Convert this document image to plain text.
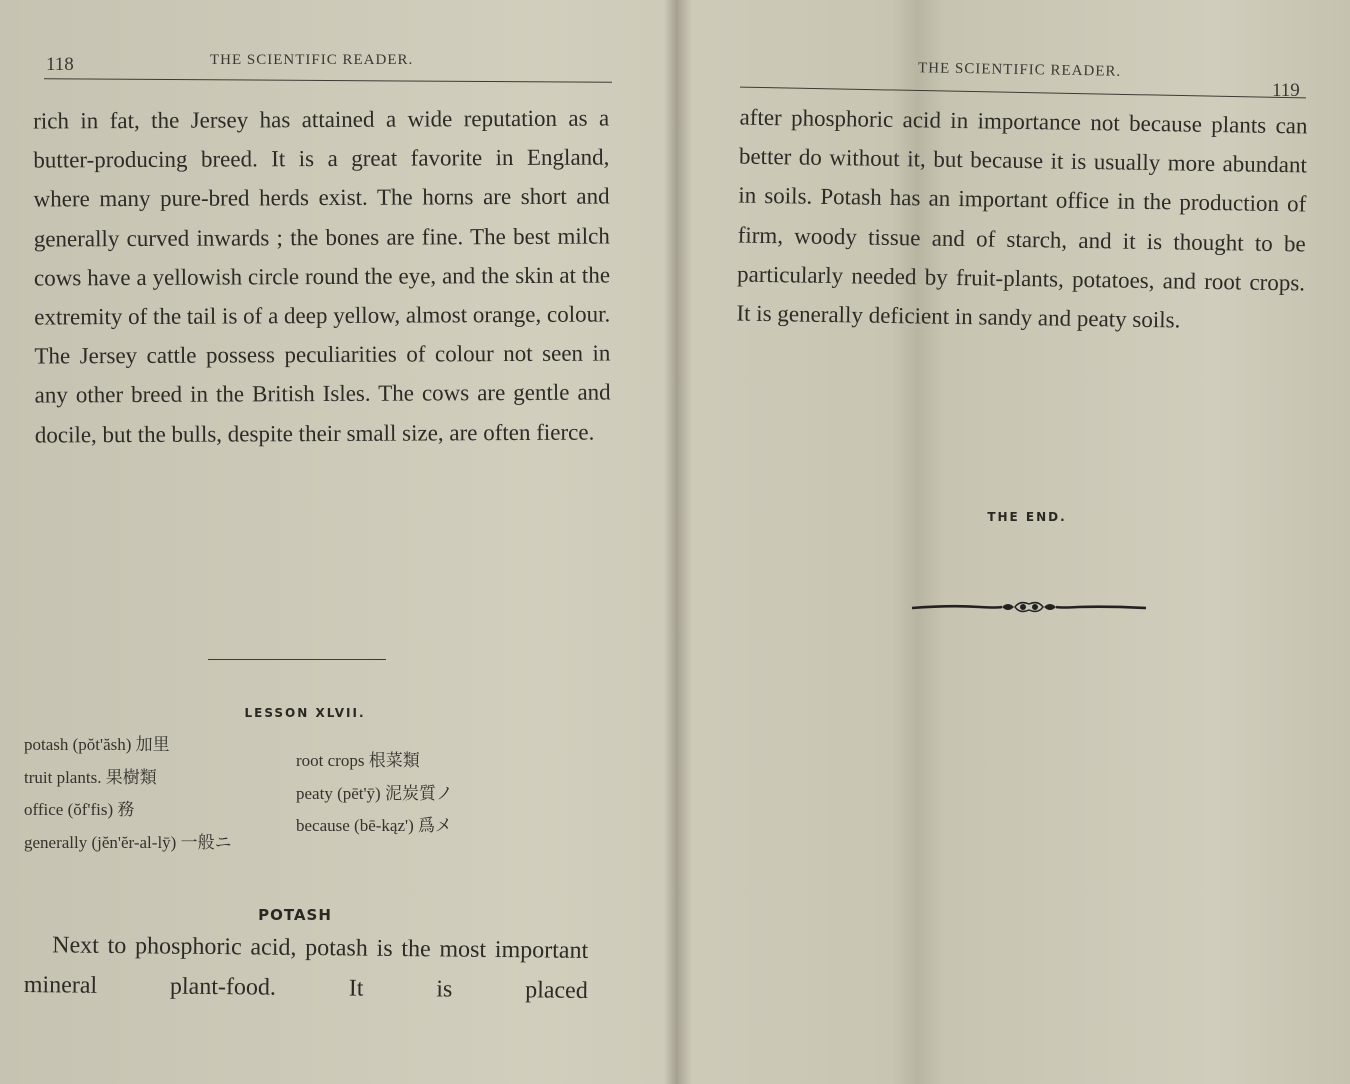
118	THE SCIENTIFIC READER.

rich in fat, the Jersey has attained a wide reputation as a butter-producing breed. It is a great favorite in England, where many pure-bred herds exist. The horns are short and generally curved inwards ; the bones are fine. The best milch cows have a yellowish circle round the eye, and the skin at the extremity of the tail is of a deep yellow, almost orange, colour. The Jersey cattle possess peculiarities of colour not seen in any other breed in the British Isles. The cows are gentle and docile, but the bulls, despite their small size, are often fierce.

LESSON XLVII.
potash (pŏt'ăsh) 加里
truit plants. 果樹類
office (ŏf'fis) 務
generally (jĕn'ĕr-al-lȳ) 一般ニ
root crops 根菜類
peaty (pēt'ȳ) 泥炭質ノ
because (bē-kąz') 爲メ
POTASH

Next to phosphoric acid, potash is the most important mineral plant-food. It is placed

THE SCIENTIFIC READER.
119

after phosphoric acid in importance not because plants can better do without it, but because it is usually more abundant in soils. Potash has an important office in the production of firm, woody tissue and of starch, and it is thought to be particularly needed by fruit-plants, potatoes, and root crops. It is generally deficient in sandy and peaty soils.

THE END.
